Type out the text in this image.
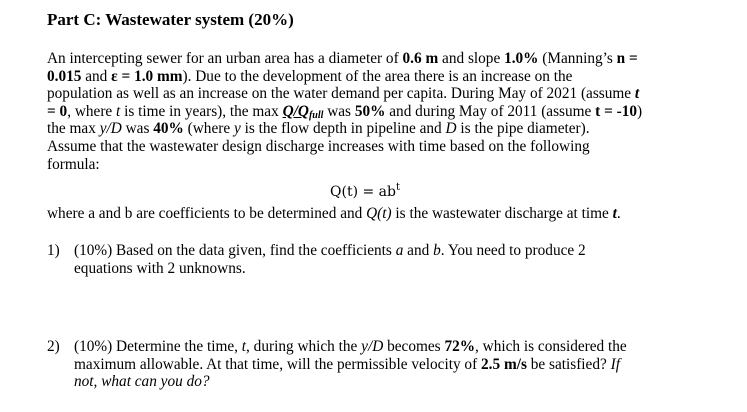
Part C: Wastewater system (20%)
An intercepting sewer for an urban area has a diameter of 0.6 m and slope 1.0% (Manning’s n =
0.015 and ε = 1.0 mm). Due to the development of the area there is an increase on the
population as well as an increase on the water demand per capita. During May of 2021 (assume t
= 0, where t is time in years), the $\max Q/Q_{full}$ was 50% and during May of 2011 (assume t = -10)
the max y/D was 40% (where y is the flow depth in pipeline and D is the pipe diameter).
Assume that the wastewater design discharge increases with time based on the following
formula:
$Q(t) = ab^t$
where a and b are coefficients to be determined and Q(t) is the wastewater discharge at time t.
1) (10%) Based on the data given, find the coefficients a and b. You need to produce 2
equations with 2 unknowns.
2) (10%) Determine the time, t, during which the y/D becomes 72%, which is considered the
maximum allowable. At that time, will the permissible velocity of 2.5 m/s be satisfied? If
not, what can you do?
